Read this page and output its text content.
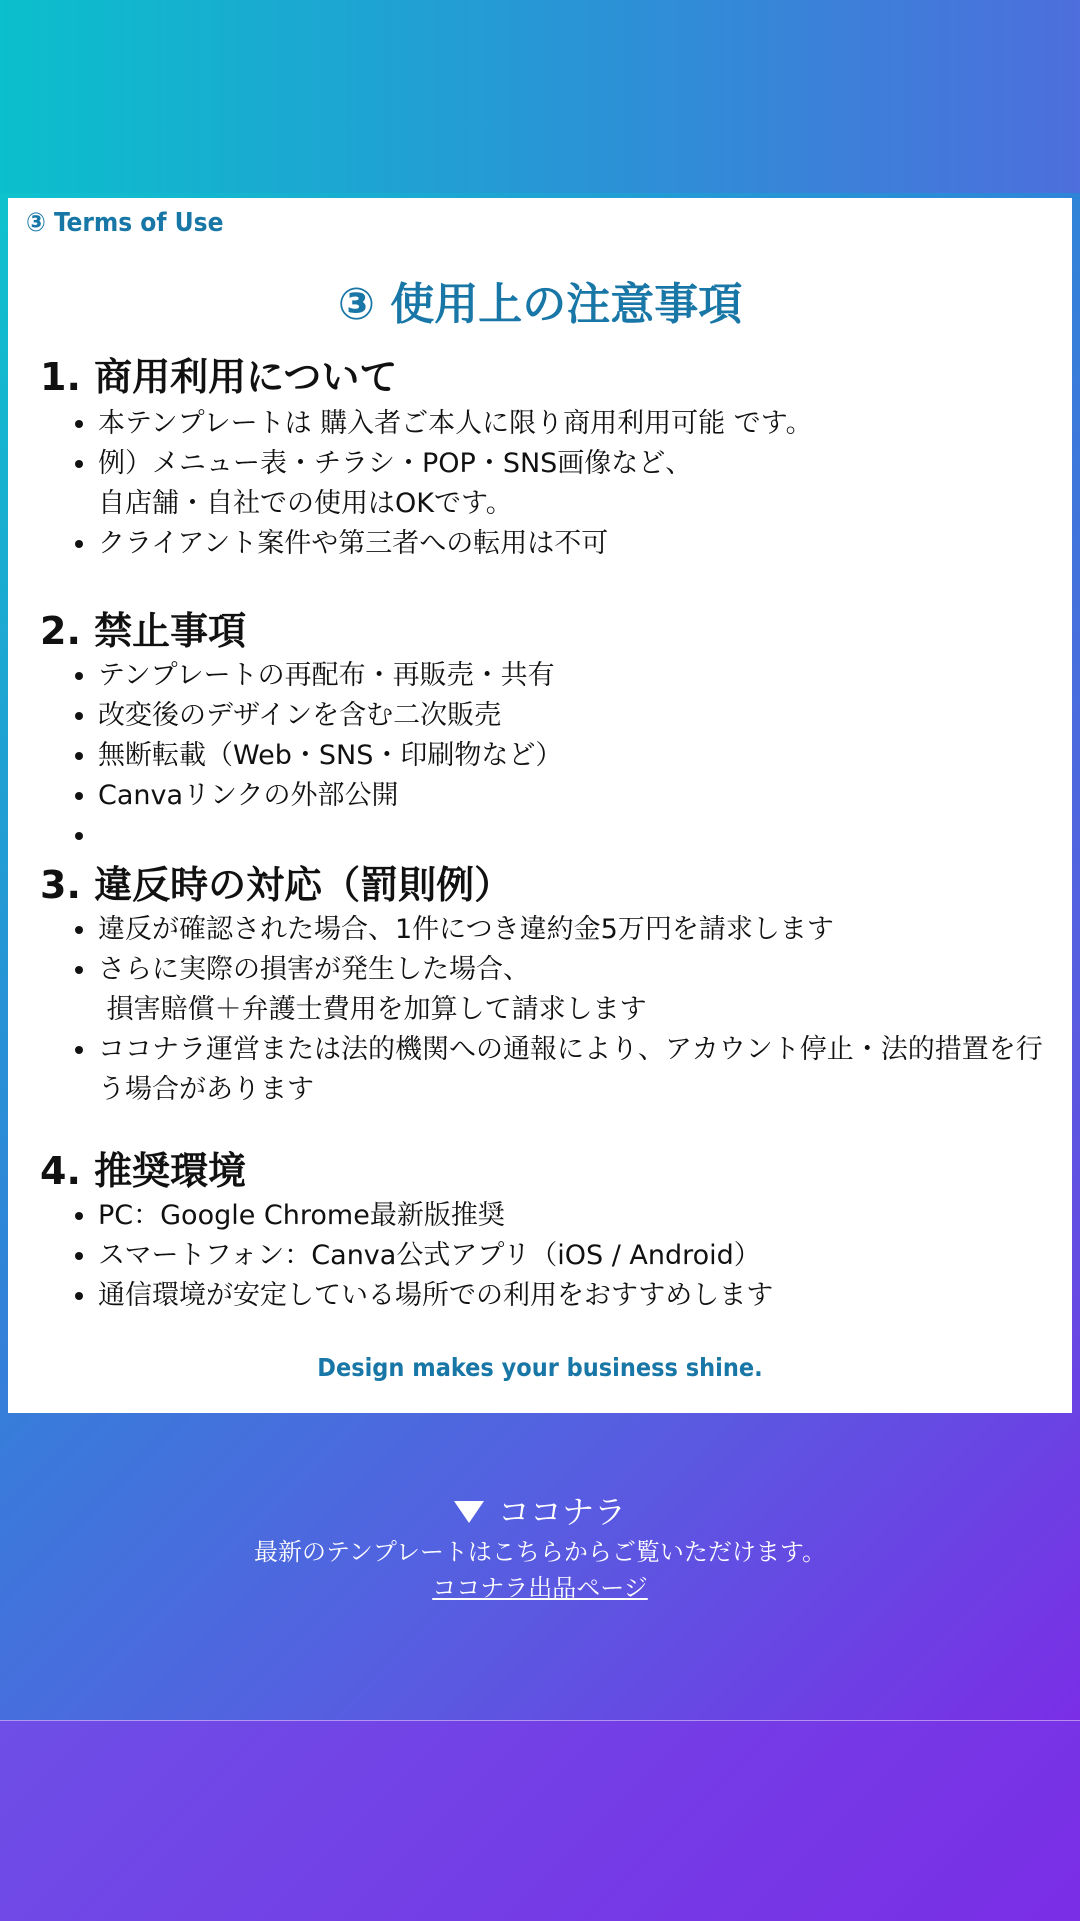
③ Terms of Use
③ 使用上の注意事項
1. 商用利用について
• 本テンプレートは 購入者ご本人に限り商用利用可能 です。
• 例）メニュー表・チラシ・POP・SNS画像など、
自店舗・自社での使用はOKです。
• クライアント案件や第三者への転用は不可
2. 禁止事項
• テンプレートの再配布・再販売・共有
• 改変後のデザインを含む二次販売
• 無断転載（Web・SNS・印刷物など）
• Canvaリンクの外部公開
•
3. 違反時の対応（罰則例）
• 違反が確認された場合、1件につき違約金5万円を請求します
• さらに実際の損害が発生した場合、
損害賠償＋弁護士費用を加算して請求します
• ココナラ運営または法的機関への通報により、アカウント停止・法的措置を行う場合があります
4. 推奨環境
• PC：Google Chrome最新版推奨
• スマートフォン：Canva公式アプリ（iOS / Android）
• 通信環境が安定している場所での利用をおすすめします
Design makes your business shine.
ココナラ
最新のテンプレートはこちらからご覧いただけます。
ココナラ出品ページ
